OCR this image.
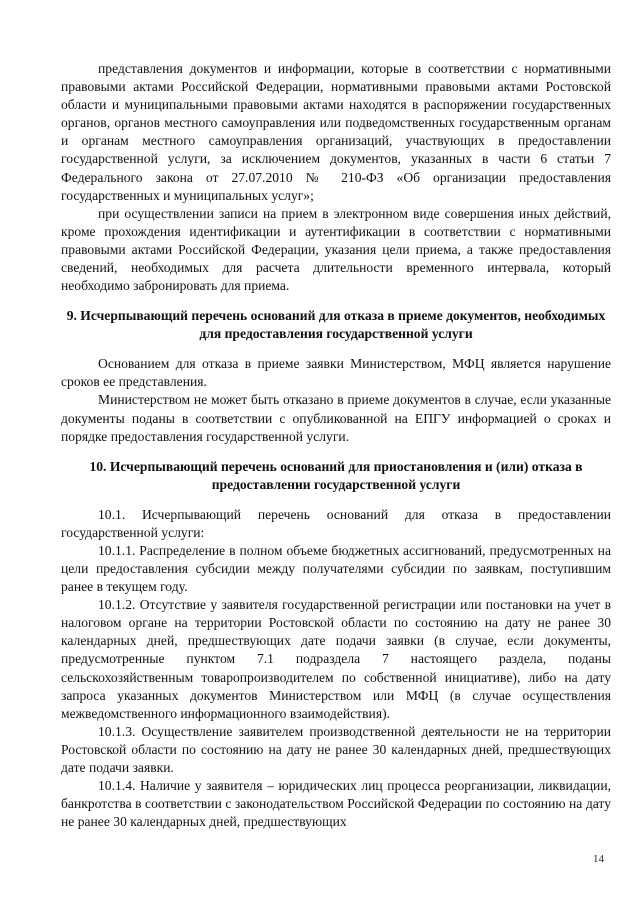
представления документов и информации, которые в соответствии с нормативными правовыми актами Российской Федерации, нормативными правовыми актами Ростовской области и муниципальными правовыми актами находятся в распоряжении государственных органов, органов местного самоуправления или подведомственных государственным органам и органам местного самоуправления организаций, участвующих в предоставлении государственной услуги, за исключением документов, указанных в части 6 статьи 7 Федерального закона от 27.07.2010 № 210-ФЗ «Об организации предоставления государственных и муниципальных услуг»;

при осуществлении записи на прием в электронном виде совершения иных действий, кроме прохождения идентификации и аутентификации в соответствии с нормативными правовыми актами Российской Федерации, указания цели приема, а также предоставления сведений, необходимых для расчета длительности временного интервала, который необходимо забронировать для приема.

9. Исчерпывающий перечень оснований для отказа в приеме документов, необходимых для предоставления государственной услуги

Основанием для отказа в приеме заявки Министерством, МФЦ является нарушение сроков ее представления.

Министерством не может быть отказано в приеме документов в случае, если указанные документы поданы в соответствии с опубликованной на ЕПГУ информацией о сроках и порядке предоставления государственной услуги.

10. Исчерпывающий перечень оснований для приостановления и (или) отказа в предоставлении государственной услуги

10.1. Исчерпывающий перечень оснований для отказа в предоставлении государственной услуги:

10.1.1. Распределение в полном объеме бюджетных ассигнований, предусмотренных на цели предоставления субсидии между получателями субсидии по заявкам, поступившим ранее в текущем году.

10.1.2. Отсутствие у заявителя государственной регистрации или постановки на учет в налоговом органе на территории Ростовской области по состоянию на дату не ранее 30 календарных дней, предшествующих дате подачи заявки (в случае, если документы, предусмотренные пунктом 7.1 подраздела 7 настоящего раздела, поданы сельскохозяйственным товаропроизводителем по собственной инициативе), либо на дату запроса указанных документов Министерством или МФЦ (в случае осуществления межведомственного информационного взаимодействия).

10.1.3. Осуществление заявителем производственной деятельности не на территории Ростовской области по состоянию на дату не ранее 30 календарных дней, предшествующих дате подачи заявки.

10.1.4. Наличие у заявителя – юридических лиц процесса реорганизации, ликвидации, банкротства в соответствии с законодательством Российской Федерации по состоянию на дату не ранее 30 календарных дней, предшествующих

14
